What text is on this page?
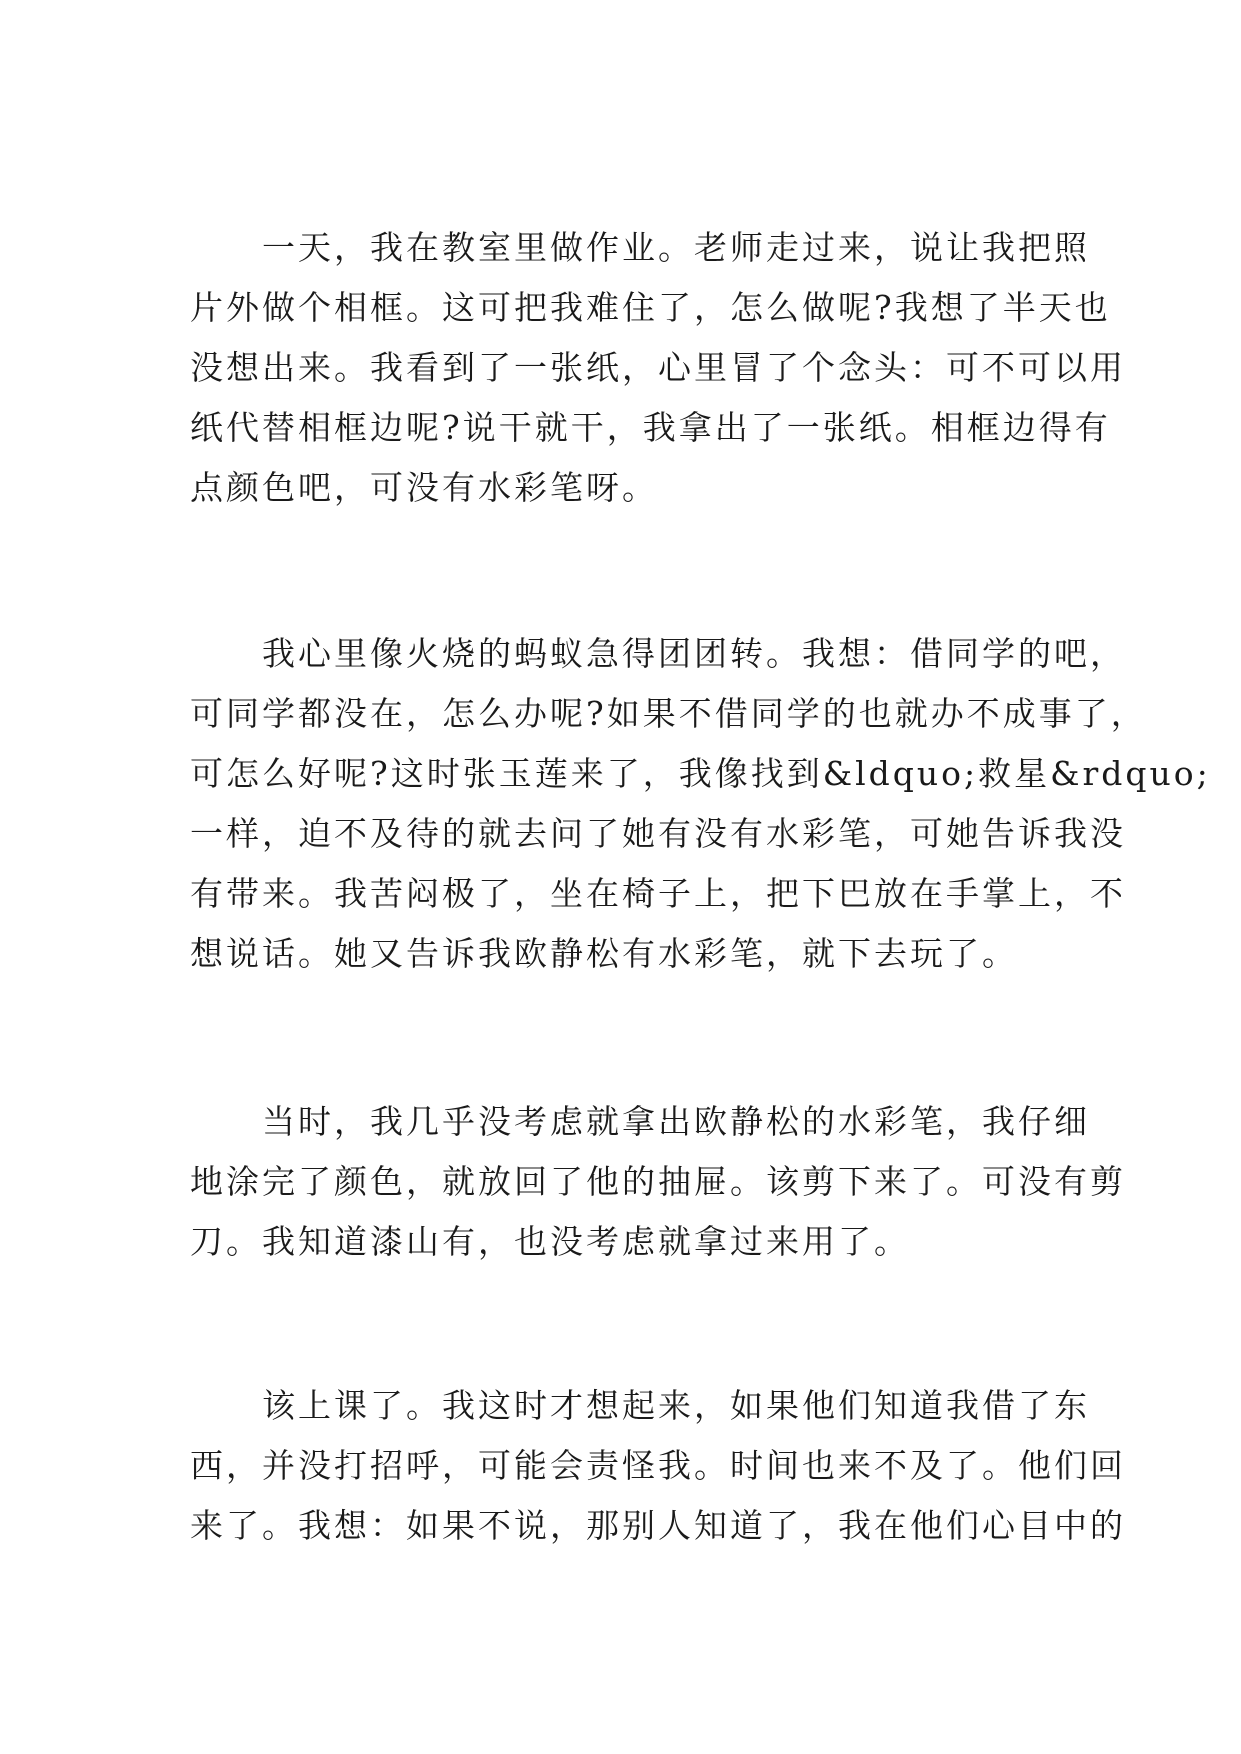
　　一天，我在教室里做作业。老师走过来，说让我把照
片外做个相框。这可把我难住了，怎么做呢?我想了半天也
没想出来。我看到了一张纸，心里冒了个念头：可不可以用
纸代替相框边呢?说干就干，我拿出了一张纸。相框边得有
点颜色吧，可没有水彩笔呀。

　　我心里像火烧的蚂蚁急得团团转。我想：借同学的吧，
可同学都没在，怎么办呢?如果不借同学的也就办不成事了，
可怎么好呢?这时张玉莲来了，我像找到&ldquo;救星&rdquo;
一样，迫不及待的就去问了她有没有水彩笔，可她告诉我没
有带来。我苦闷极了，坐在椅子上，把下巴放在手掌上，不
想说话。她又告诉我欧静松有水彩笔，就下去玩了。

　　当时，我几乎没考虑就拿出欧静松的水彩笔，我仔细
地涂完了颜色，就放回了他的抽屉。该剪下来了。可没有剪
刀。我知道漆山有，也没考虑就拿过来用了。

　　该上课了。我这时才想起来，如果他们知道我借了东
西，并没打招呼，可能会责怪我。时间也来不及了。他们回
来了。我想：如果不说，那别人知道了，我在他们心目中的
